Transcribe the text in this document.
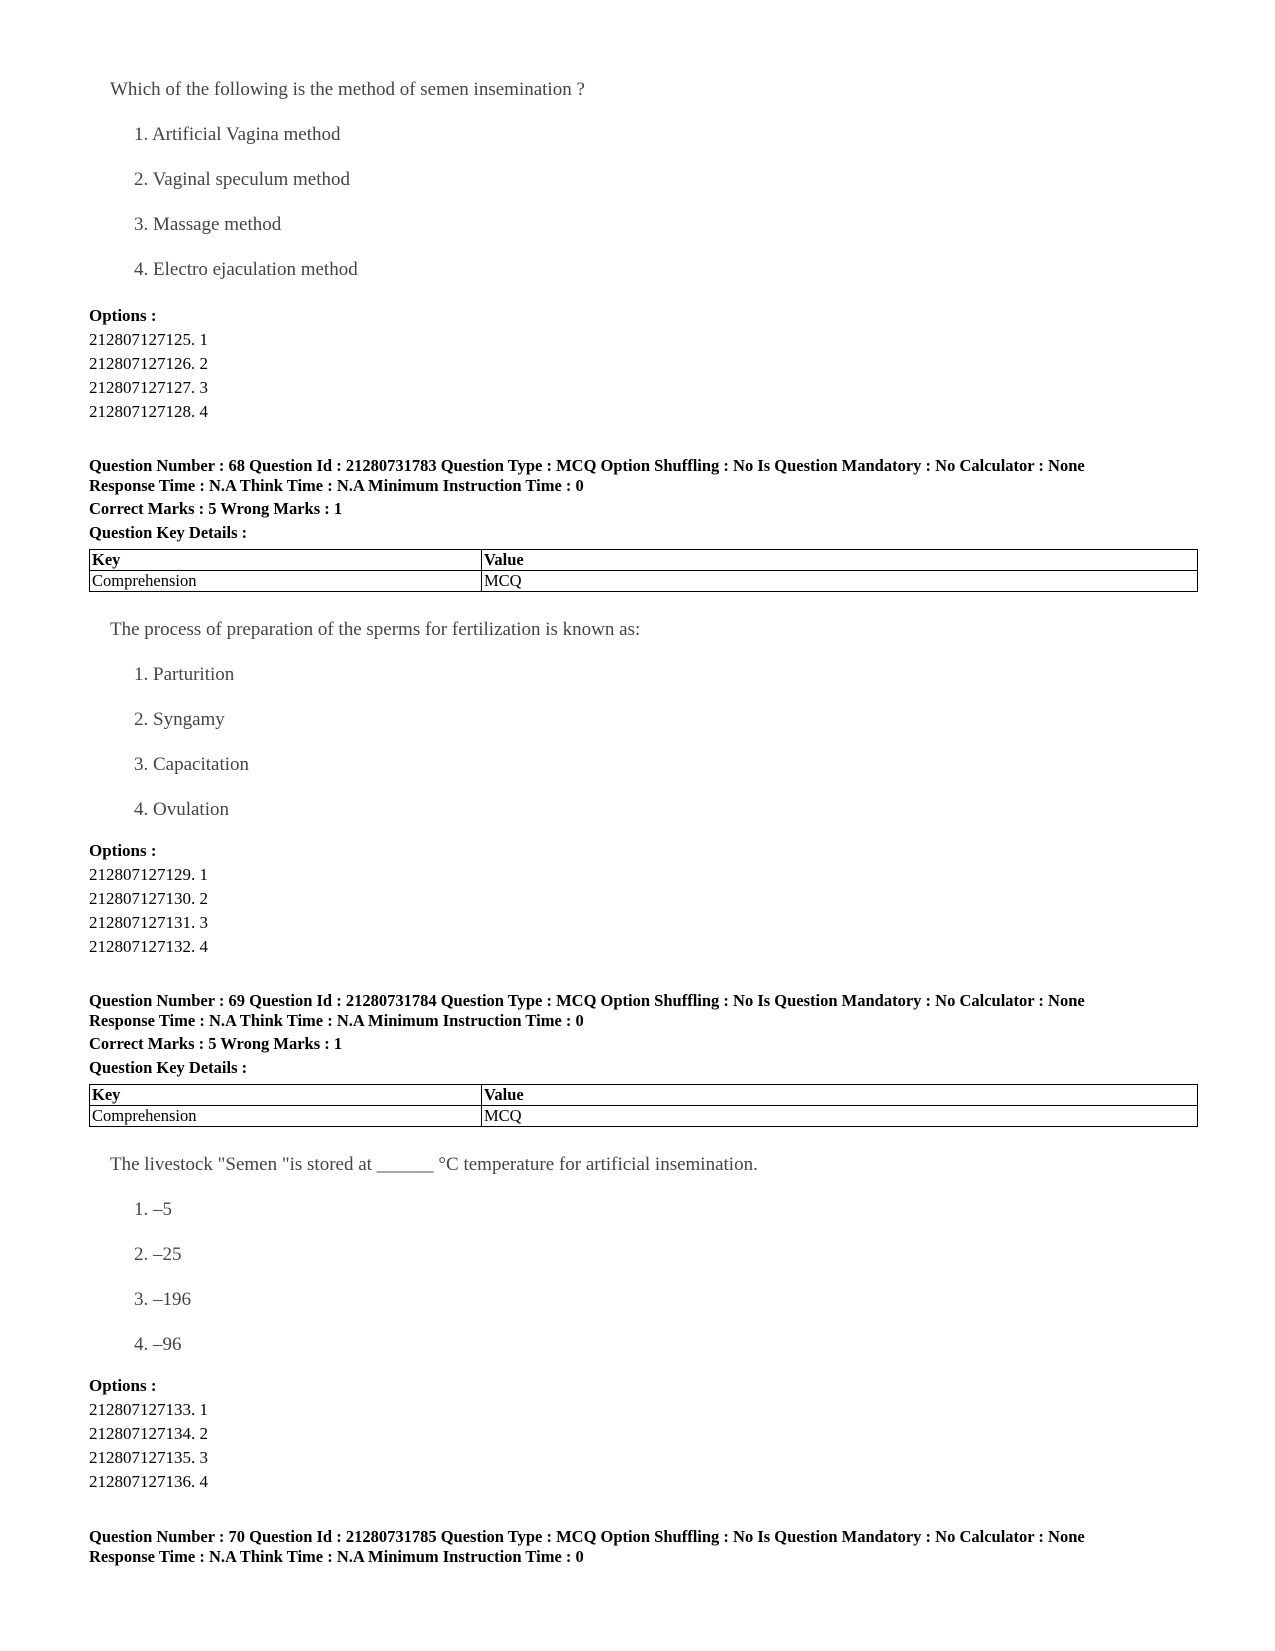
Which of the following is the method of semen insemination ?
1. Artificial Vagina method
2. Vaginal speculum method
3. Massage method
4. Electro ejaculation method
Options :
212807127125. 1
212807127126. 2
212807127127. 3
212807127128. 4
Question Number : 68 Question Id : 21280731783 Question Type : MCQ Option Shuffling : No Is Question Mandatory : No Calculator : None
Response Time : N.A Think Time : N.A Minimum Instruction Time : 0
Correct Marks : 5 Wrong Marks : 1
Question Key Details :
Key	Value
Comprehension	MCQ
The process of preparation of the sperms for fertilization is known as:
1. Parturition
2. Syngamy
3. Capacitation
4. Ovulation
Options :
212807127129. 1
212807127130. 2
212807127131. 3
212807127132. 4
Question Number : 69 Question Id : 21280731784 Question Type : MCQ Option Shuffling : No Is Question Mandatory : No Calculator : None
Response Time : N.A Think Time : N.A Minimum Instruction Time : 0
Correct Marks : 5 Wrong Marks : 1
Question Key Details :
Key	Value
Comprehension	MCQ
The livestock "Semen "is stored at ______ °C temperature for artificial insemination.
1. –5
2. –25
3. –196
4. –96
Options :
212807127133. 1
212807127134. 2
212807127135. 3
212807127136. 4
Question Number : 70 Question Id : 21280731785 Question Type : MCQ Option Shuffling : No Is Question Mandatory : No Calculator : None
Response Time : N.A Think Time : N.A Minimum Instruction Time : 0
